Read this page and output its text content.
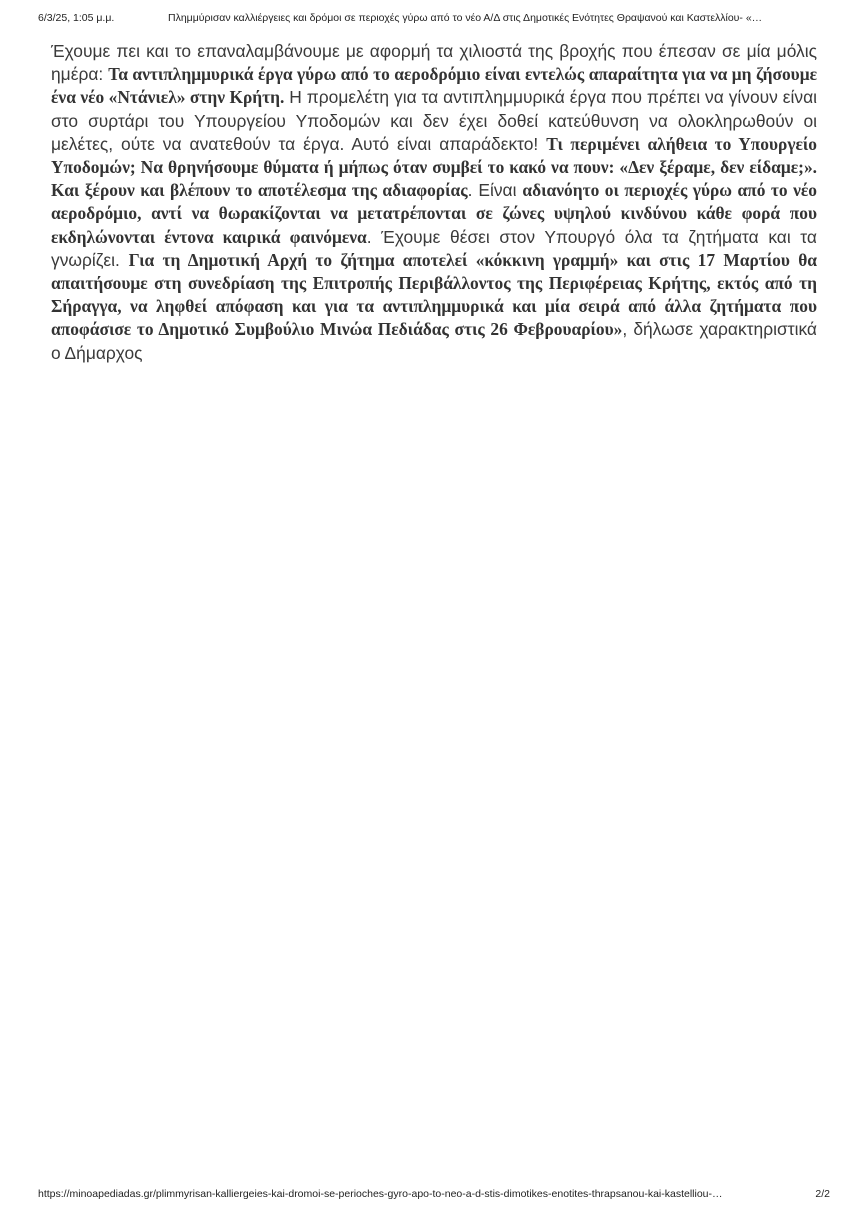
6/3/25, 1:05 μ.μ.	Πλημμύρισαν καλλιέργειες και δρόμοι σε περιοχές γύρω από το νέο Α/Δ στις Δημοτικές Ενότητες Θραψανού και Καστελλίου- «…

Έχουμε πει και το επαναλαμβάνουμε με αφορμή τα χιλιοστά της βροχής που έπεσαν σε μία μόλις ημέρα: Τα αντιπλημμυρικά έργα γύρω από το αεροδρόμιο είναι εντελώς απαραίτητα για να μη ζήσουμε ένα νέο «Ντάνιελ» στην Κρήτη. Η προμελέτη για τα αντιπλημμυρικά έργα που πρέπει να γίνουν είναι στο συρτάρι του Υπουργείου Υποδομών και δεν έχει δοθεί κατεύθυνση να ολοκληρωθούν οι μελέτες, ούτε να ανατεθούν τα έργα. Αυτό είναι απαράδεκτο! Τι περιμένει αλήθεια το Υπουργείο Υποδομών; Να θρηνήσουμε θύματα ή μήπως όταν συμβεί το κακό να πουν: «Δεν ξέραμε, δεν είδαμε;». Και ξέρουν και βλέπουν το αποτέλεσμα της αδιαφορίας. Είναι αδιανόητο οι περιοχές γύρω από το νέο αεροδρόμιο, αντί να θωρακίζονται να μετατρέπονται σε ζώνες υψηλού κινδύνου κάθε φορά που εκδηλώνονται έντονα καιρικά φαινόμενα. Έχουμε θέσει στον Υπουργό όλα τα ζητήματα και τα γνωρίζει. Για τη Δημοτική Αρχή το ζήτημα αποτελεί «κόκκινη γραμμή» και στις 17 Μαρτίου θα απαιτήσουμε στη συνεδρίαση της Επιτροπής Περιβάλλοντος της Περιφέρειας Κρήτης, εκτός από τη Σήραγγα, να ληφθεί απόφαση και για τα αντιπλημμυρικά και μία σειρά από άλλα ζητήματα που αποφάσισε το Δημοτικό Συμβούλιο Μινώα Πεδιάδας στις 26 Φεβρουαρίου», δήλωσε χαρακτηριστικά ο Δήμαρχος

https://minoapediadas.gr/plimmyrisan-kalliergeies-kai-dromoi-se-perioches-gyro-apo-to-neo-a-d-stis-dimotikes-enotites-thrapsanou-kai-kastelliou-…	2/2
